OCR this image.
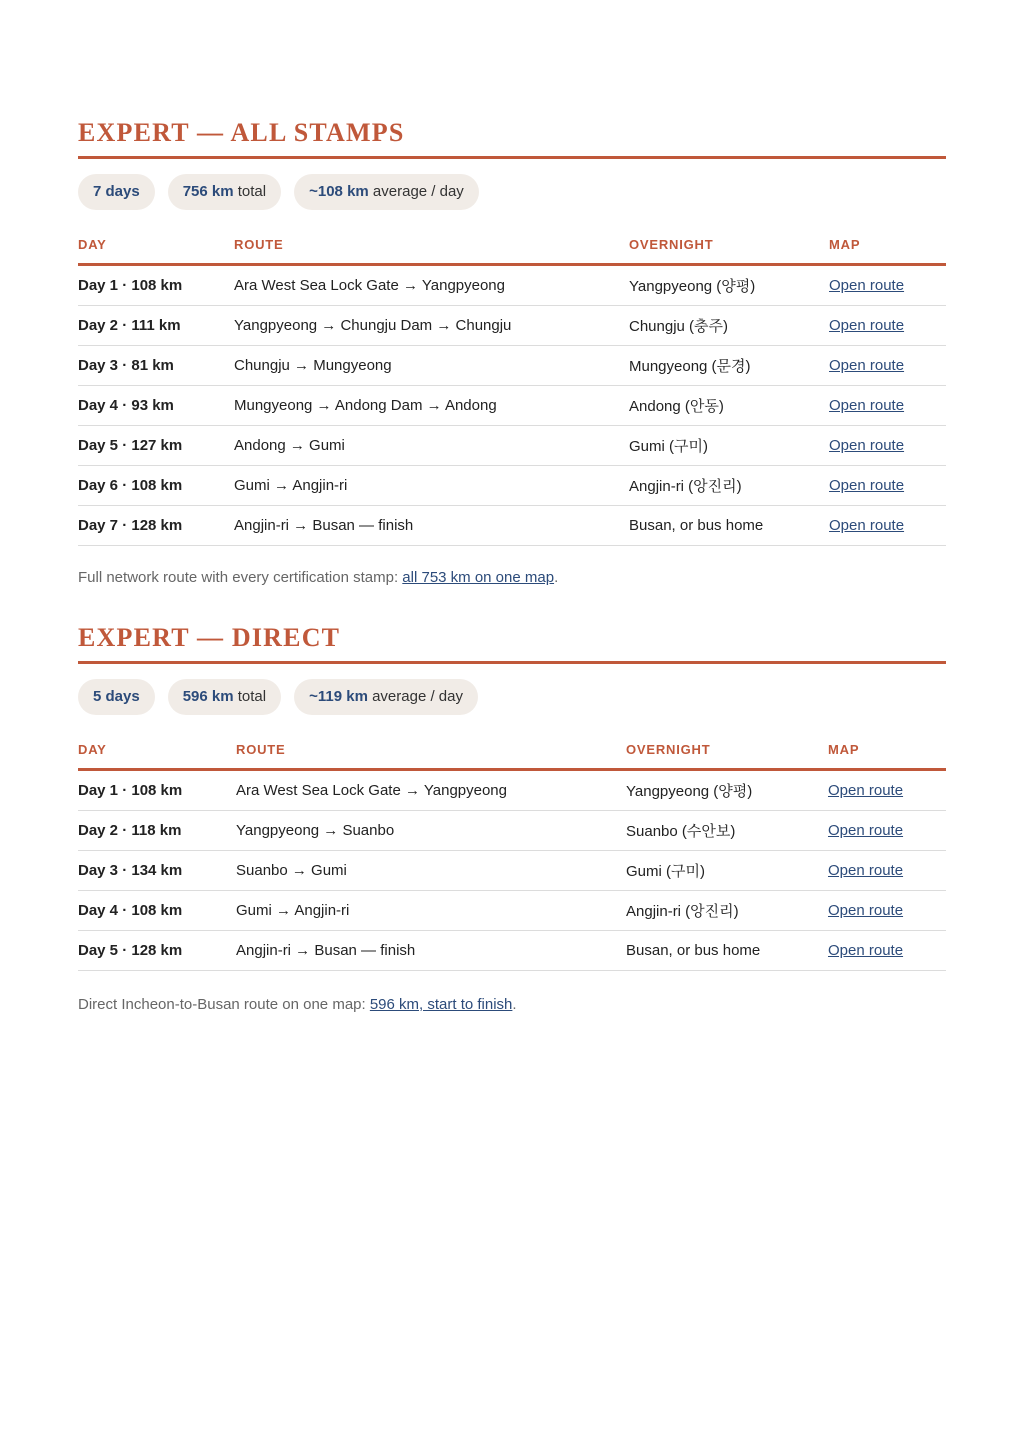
EXPERT — ALL STAMPS
7 days	756 km total	~108 km average / day
DAY	ROUTE	OVERNIGHT	MAP
Day 1 · 108 km	Ara West Sea Lock Gate → Yangpyeong	Yangpyeong (양평)	Open route
Day 2 · 111 km	Yangpyeong → Chungju Dam → Chungju	Chungju (충주)	Open route
Day 3 · 81 km	Chungju → Mungyeong	Mungyeong (문경)	Open route
Day 4 · 93 km	Mungyeong → Andong Dam → Andong	Andong (안동)	Open route
Day 5 · 127 km	Andong → Gumi	Gumi (구미)	Open route
Day 6 · 108 km	Gumi → Angjin-ri	Angjin-ri (앙진리)	Open route
Day 7 · 128 km	Angjin-ri → Busan — finish	Busan, or bus home	Open route

Full network route with every certification stamp: all 753 km on one map.

EXPERT — DIRECT
5 days	596 km total	~119 km average / day
DAY	ROUTE	OVERNIGHT	MAP
Day 1 · 108 km	Ara West Sea Lock Gate → Yangpyeong	Yangpyeong (양평)	Open route
Day 2 · 118 km	Yangpyeong → Suanbo	Suanbo (수안보)	Open route
Day 3 · 134 km	Suanbo → Gumi	Gumi (구미)	Open route
Day 4 · 108 km	Gumi → Angjin-ri	Angjin-ri (앙진리)	Open route
Day 5 · 128 km	Angjin-ri → Busan — finish	Busan, or bus home	Open route

Direct Incheon-to-Busan route on one map: 596 km, start to finish.
